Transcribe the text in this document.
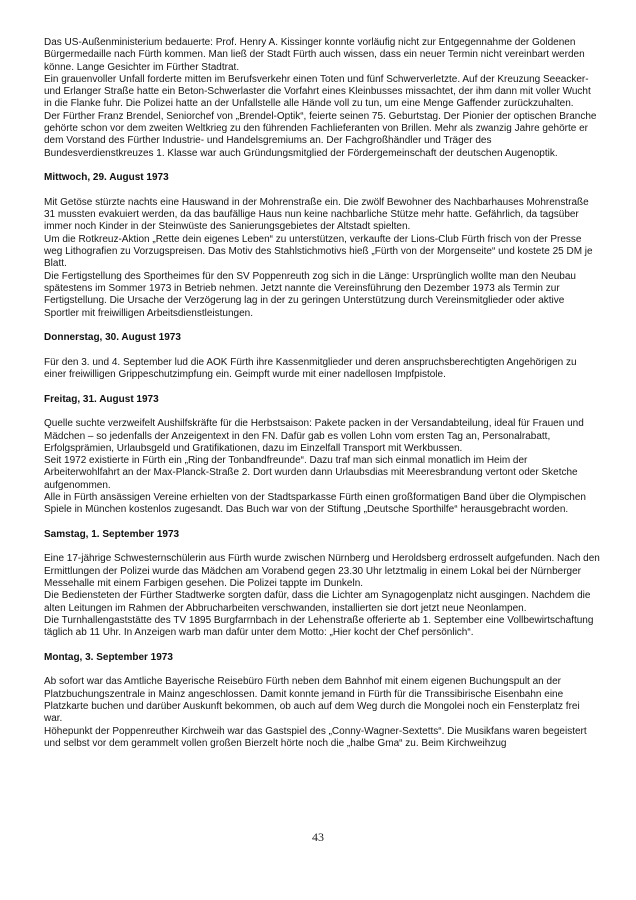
Das US-Außenministerium bedauerte: Prof. Henry A. Kissinger konnte vorläufig nicht zur Entgegennahme der Goldenen Bürgermedaille nach Fürth kommen. Man ließ der Stadt Fürth auch wissen, dass ein neuer Termin nicht vereinbart werden könne. Lange Gesichter im Fürther Stadtrat.

Ein grauenvoller Unfall forderte mitten im Berufsverkehr einen Toten und fünf Schwerverletzte. Auf der Kreuzung Seeacker- und Erlanger Straße hatte ein Beton-Schwerlaster die Vorfahrt eines Kleinbusses missachtet, der ihm dann mit voller Wucht in die Flanke fuhr. Die Polizei hatte an der Unfallstelle alle Hände voll zu tun, um eine Menge Gaffender zurückzuhalten.

Der Fürther Franz Brendel, Seniorchef von „Brendel-Optik“, feierte seinen 75. Geburtstag. Der Pionier der optischen Branche gehörte schon vor dem zweiten Weltkrieg zu den führenden Fachlieferanten von Brillen. Mehr als zwanzig Jahre gehörte er dem Vorstand des Fürther Industrie- und Handelsgremiums an. Der Fachgroßhändler und Träger des Bundesverdienstkreuzes 1. Klasse war auch Gründungsmitglied der Fördergemeinschaft der deutschen Augenoptik.

Mittwoch, 29. August 1973

Mit Getöse stürzte nachts eine Hauswand in der Mohrenstraße ein. Die zwölf Bewohner des Nachbarhauses Mohrenstraße 31 mussten evakuiert werden, da das baufällige Haus nun keine nachbarliche Stütze mehr hatte. Gefährlich, da tagsüber immer noch Kinder in der Steinwüste des Sanierungsgebietes der Altstadt spielten.

Um die Rotkreuz-Aktion „Rette dein eigenes Leben“ zu unterstützen, verkaufte der Lions-Club Fürth frisch von der Presse weg Lithografien zu Vorzugspreisen. Das Motiv des Stahlstichmotivs hieß „Fürth von der Morgenseite“ und kostete 25 DM je Blatt.

Die Fertigstellung des Sportheimes für den SV Poppenreuth zog sich in die Länge: Ursprünglich wollte man den Neubau spätestens im Sommer 1973 in Betrieb nehmen. Jetzt nannte die Vereinsführung den Dezember 1973 als Termin zur Fertigstellung. Die Ursache der Verzögerung lag in der zu geringen Unterstützung durch Vereinsmitglieder oder aktive Sportler mit freiwilligen Arbeitsdienstleistungen.

Donnerstag, 30. August 1973

Für den 3. und 4. September lud die AOK Fürth ihre Kassenmitglieder und deren anspruchsberechtigten Angehörigen zu einer freiwilligen Grippeschutzimpfung ein. Geimpft wurde mit einer nadellosen Impfpistole.

Freitag, 31. August 1973

Quelle suchte verzweifelt Aushilfskräfte für die Herbstsaison: Pakete packen in der Versandabteilung, ideal für Frauen und Mädchen – so jedenfalls der Anzeigentext in den FN. Dafür gab es vollen Lohn vom ersten Tag an, Personalrabatt, Erfolgsprämien, Urlaubsgeld und Gratifikationen, dazu im Einzelfall Transport mit Werkbussen.

Seit 1972 existierte in Fürth ein „Ring der Tonbandfreunde“. Dazu traf man sich einmal monatlich im Heim der Arbeiterwohlfahrt an der Max-Planck-Straße 2. Dort wurden dann Urlaubsdias mit Meeresbrandung vertont oder Sketche aufgenommen.

Alle in Fürth ansässigen Vereine erhielten von der Stadtsparkasse Fürth einen großformatigen Band über die Olympischen Spiele in München kostenlos zugesandt. Das Buch war von der Stiftung „Deutsche Sporthilfe“ herausgebracht worden.

Samstag, 1. September 1973

Eine 17-jährige Schwesternschülerin aus Fürth wurde zwischen Nürnberg und Heroldsberg erdrosselt aufgefunden. Nach den Ermittlungen der Polizei wurde das Mädchen am Vorabend gegen 23.30 Uhr letztmalig in einem Lokal bei der Nürnberger Messehalle mit einem Farbigen gesehen. Die Polizei tappte im Dunkeln.

Die Bediensteten der Fürther Stadtwerke sorgten dafür, dass die Lichter am Synagogenplatz nicht ausgingen. Nachdem die alten Leitungen im Rahmen der Abbrucharbeiten verschwanden, installierten sie dort jetzt neue Neonlampen.

Die Turnhallengaststätte des TV 1895 Burgfarrnbach in der Lehenstraße offerierte ab 1. September eine Vollbewirtschaftung täglich ab 11 Uhr. In Anzeigen warb man dafür unter dem Motto: „Hier kocht der Chef persönlich“.

Montag, 3. September 1973

Ab sofort war das Amtliche Bayerische Reisebüro Fürth neben dem Bahnhof mit einem eigenen Buchungspult an der Platzbuchungszentrale in Mainz angeschlossen. Damit konnte jemand in Fürth für die Transsibirische Eisenbahn eine Platzkarte buchen und darüber Auskunft bekommen, ob auch auf dem Weg durch die Mongolei noch ein Fensterplatz frei war.

Höhepunkt der Poppenreuther Kirchweih war das Gastspiel des „Conny-Wagner-Sextetts“. Die Musikfans waren begeistert und selbst vor dem gerammelt vollen großen Bierzelt hörte noch die „halbe Gma“ zu. Beim Kirchweihzug

43
